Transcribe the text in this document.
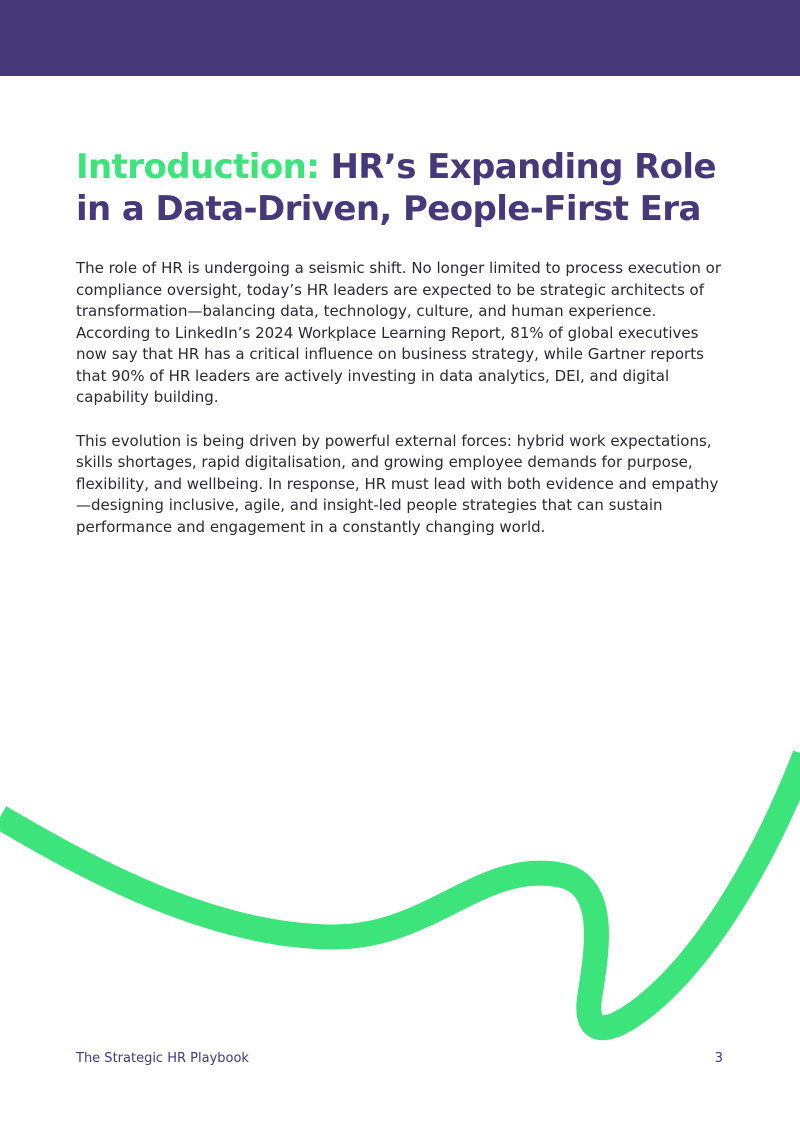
Introduction: HR’s Expanding Role in a Data-Driven, People-First Era

The role of HR is undergoing a seismic shift. No longer limited to process execution or compliance oversight, today’s HR leaders are expected to be strategic architects of transformation—balancing data, technology, culture, and human experience. According to LinkedIn’s 2024 Workplace Learning Report, 81% of global executives now say that HR has a critical influence on business strategy, while Gartner reports that 90% of HR leaders are actively investing in data analytics, DEI, and digital capability building.

This evolution is being driven by powerful external forces: hybrid work expectations, skills shortages, rapid digitalisation, and growing employee demands for purpose, flexibility, and wellbeing. In response, HR must lead with both evidence and empathy—designing inclusive, agile, and insight-led people strategies that can sustain performance and engagement in a constantly changing world.

The Strategic HR Playbook	3
